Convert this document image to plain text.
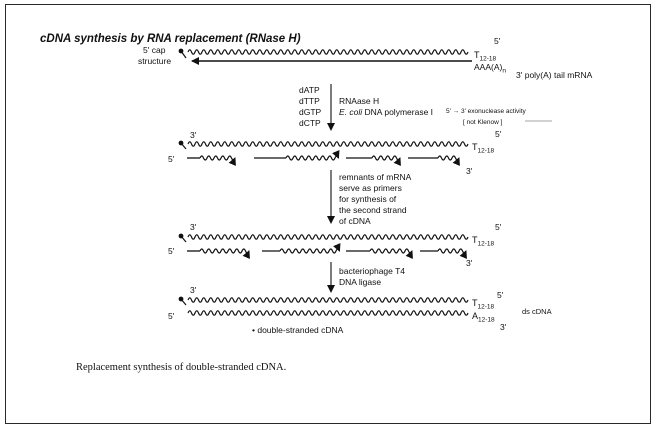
cDNA synthesis by RNA replacement (RNase H)
5' cap
structure
5'
$T_{12-18}$
$AAA(A)_n$ 3' poly(A) tail mRNA
dATP
dTTP
dGTP
dCTP
RNAase H
E. coli DNA polymerase I 5' → 3' exonuclease activity
[ not Klenow ]
3'	5'
$T_{12-18}$
5'
3'
remnants of mRNA
serve as primers
for synthesis of
the second strand
of cDNA
3'	5'
$T_{12-18}$
5'
3'
bacteriophage T4
DNA ligase
3'	5'
$T_{12-18}$
$A_{12-18}$
ds cDNA
5'
3'
• double-stranded cDNA
Replacement synthesis of double-stranded cDNA.
